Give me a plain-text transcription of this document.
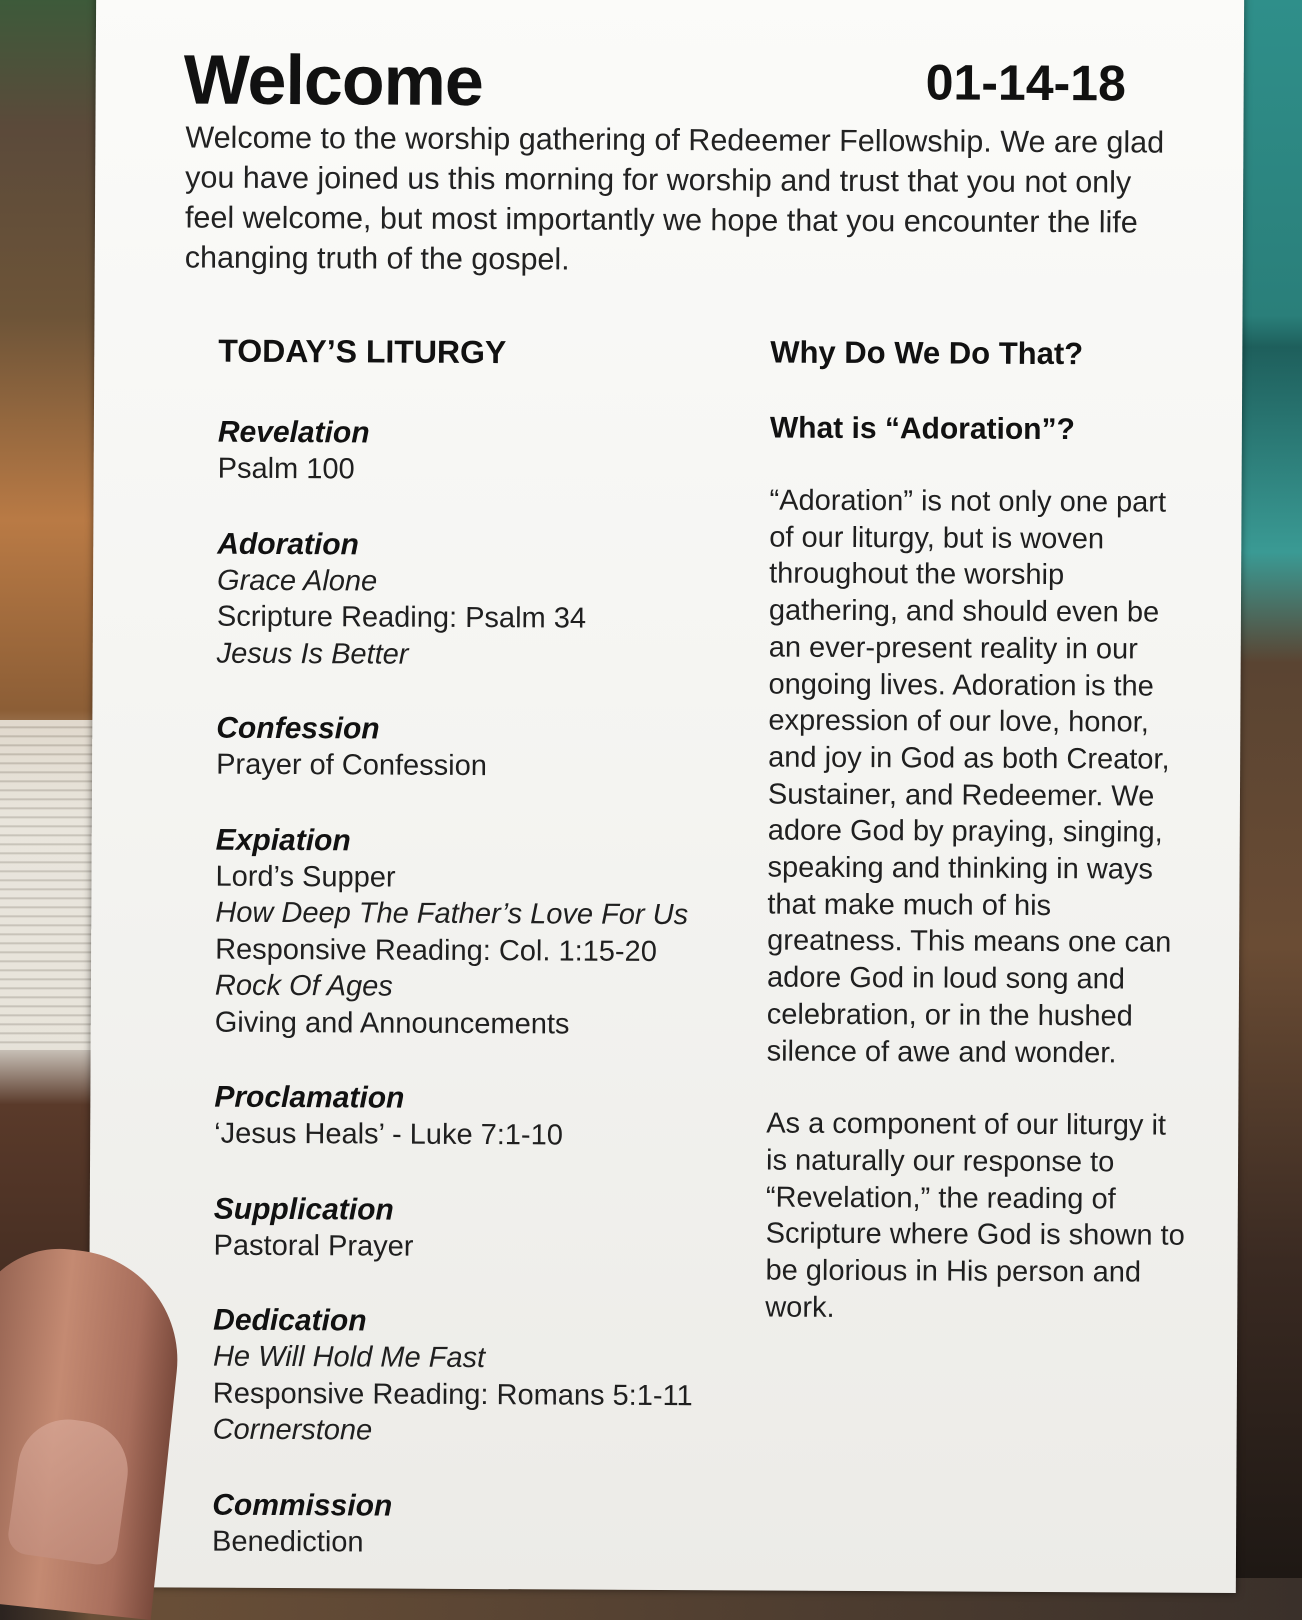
Welcome	01-14-18

Welcome to the worship gathering of Redeemer Fellowship. We are glad you have joined us this morning for worship and trust that you not only feel welcome, but most importantly we hope that you encounter the life changing truth of the gospel.

TODAY’S LITURGY
Revelation
Psalm 100
Adoration
Grace Alone
Scripture Reading: Psalm 34
Jesus Is Better
Confession
Prayer of Confession
Expiation
Lord’s Supper
How Deep The Father’s Love For Us
Responsive Reading: Col. 1:15-20
Rock Of Ages
Giving and Announcements
Proclamation
‘Jesus Heals’ - Luke 7:1-10
Supplication
Pastoral Prayer
Dedication
He Will Hold Me Fast
Responsive Reading: Romans 5:1-11
Cornerstone
Commission
Benediction
Why Do We Do That?
What is “Adoration”?

“Adoration” is not only one part of our liturgy, but is woven throughout the worship gathering, and should even be an ever-present reality in our ongoing lives. Adoration is the expression of our love, honor, and joy in God as both Creator, Sustainer, and Redeemer. We adore God by praying, singing, speaking and thinking in ways that make much of his greatness. This means one can adore God in loud song and celebration, or in the hushed silence of awe and wonder.

As a component of our liturgy it is naturally our response to “Revelation,” the reading of Scripture where God is shown to be glorious in His person and work.
